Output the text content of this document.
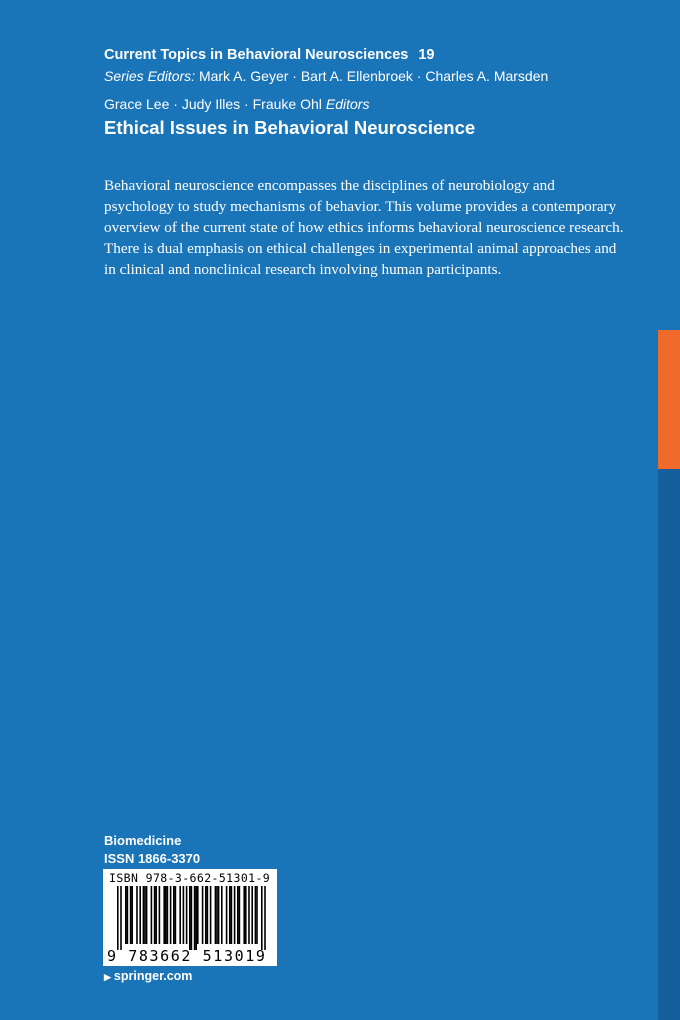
Current Topics in Behavioral Neurosciences 19
Series Editors: Mark A. Geyer · Bart A. Ellenbroek · Charles A. Marsden
Grace Lee · Judy Illes · Frauke Ohl Editors
Ethical Issues in Behavioral Neuroscience

Behavioral neuroscience encompasses the disciplines of neurobiology and psychology to study mechanisms of behavior. This volume provides a contemporary overview of the current state of how ethics informs behavioral neuroscience research. There is dual emphasis on ethical challenges in experimental animal approaches and in clinical and nonclinical research involving human participants.

Biomedicine
ISSN 1866-3370
ISBN 978-3-662-51301-9
9 783662 513019
▶ springer.com
